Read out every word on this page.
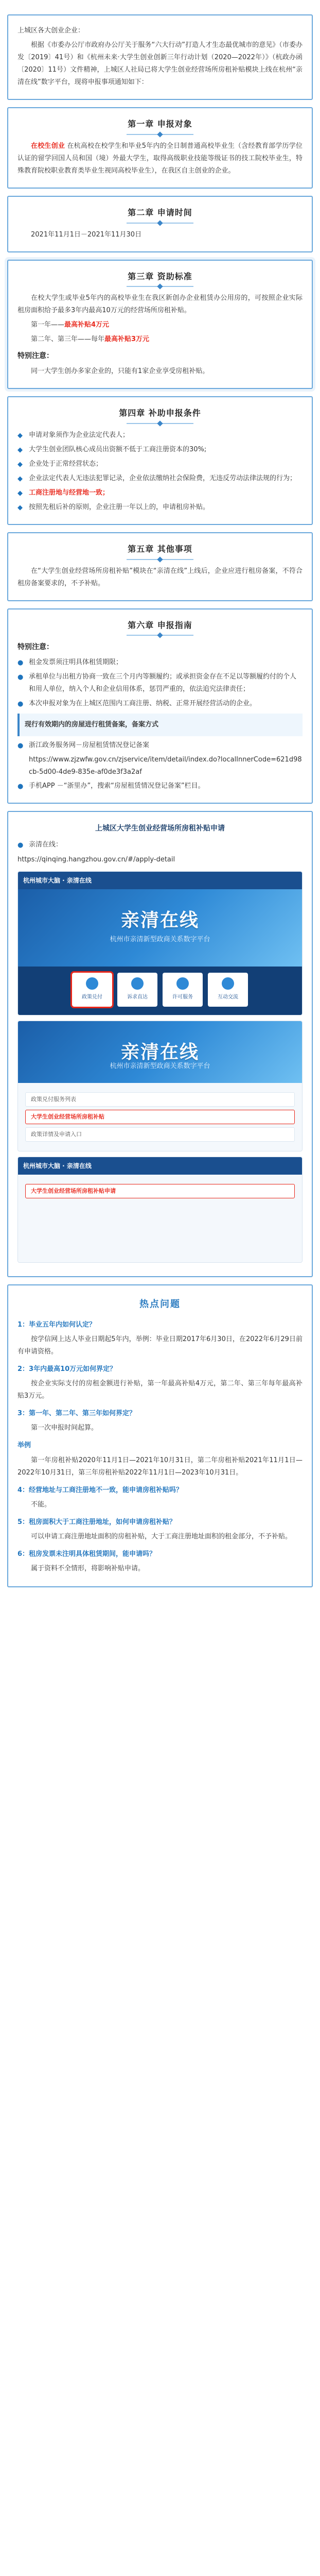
上城区各大创业企业：

根据《市委办公厅市政府办公厅关于服务“六大行动”打造人才生态最优城市的意见》（市委办发〔2019〕41号）和《杭州未来·大学生创业创新三年行动计划（2020—2022年）》（杭政办函〔2020〕11号）文件精神，上城区人社局已将大学生创业经营场所房租补贴模块上线在杭州“亲清在线”数字平台，现将申报事项通知如下：

第一章 申报对象

在校生创业 在杭高校在校学生和毕业5年内的全日制普通高校毕业生（含经教育部学历学位认证的留学回国人员和国（境）外最大学生，取得高级职业技能等级证书的技工院校毕业生，特殊教育院校职业教育类毕业生视同高校毕业生），在我区自主创业的企业。

第二章 申请时间

2021年11月1日－2021年11月30日

第三章 资助标准

在校大学生或毕业5年内的高校毕业生在我区新创办企业租赁办公用房的，可按照企业实际租房面积给予最多3年内最高10万元的经营场所房租补贴。

第一年——最高补贴4万元

第二年、第三年——每年最高补贴3万元

特别注意：

同一大学生创办多家企业的，只能有1家企业享受房租补贴。

第四章 补助申报条件
◆ 申请对象须作为企业法定代表人；
◆ 大学生创业团队核心成员出资额不低于工商注册资本的30%;
◆ 企业处于正常经营状态；
◆ 企业法定代表人无违法犯罪记录，企业依法缴纳社会保险费，无违反劳动法律法规的行为；
◆ 工商注册地与经营地一致；
◆ 按照先租后补的原则，企业注册一年以上的，申请租房补贴。
第五章 其他事项

在“大学生创业经营场所房租补贴”模块在“亲清在线”上线后，企业应进行租房备案，不符合租房备案要求的，不予补贴。

第六章 申报指南

特别注意：

● 租金发票须注明具体租赁期限；
● 承租单位与出租方协商一致在三个月内等额履约；或承担资金存在不足以等额履约付的个人和用人单位，纳入个人和企业信用体系，惩罚严重的，依法追究法律责任；
● 本次申报对象为在上城区范围内工商注册、纳税、正常开展经营活动的企业。

现行有效期内的房屋进行租赁备案，备案方式

● 浙江政务服务网－房屋租赁情况登记备案
https://www.zjzwfw.gov.cn/zjservice/item/detail/index.do?localInnerCode=621d98cb-5d00-4de9-835e-af0de3f3a2af
● 手机APP －“浙里办”，搜索“房屋租赁情况登记备案”栏目。

上城区大学生创业经营场所房租补贴申请

● 亲清在线：

https://qinqing.hangzhou.gov.cn/#/apply-detail

杭州城市大脑 · 亲清在线
亲清在线
杭州市亲清新型政商关系数字平台
政策兑付	诉求直达	许可服务	互动交流
亲清在线
杭州市亲清新型政商关系数字平台
政策兑付服务列表
大学生创业经营场所房租补贴
政策详情及申请入口
杭州城市大脑 · 亲清在线
大学生创业经营场所房租补贴申请
热点问题

1：毕业五年内如何认定？

按学信网上达人毕业日期起5年内，举例：毕业日期2017年6月30日，在2022年6月29日前有申请资格。

2：3年内最高10万元如何界定？

按企业实际支付的房租金额进行补贴，第一年最高补贴4万元，第二年、第三年每年最高补贴3万元。

3：第一年、第二年、第三年如何界定？

第一次申报时间起算。

举例

第一年房租补贴2020年11月1日—2021年10月31日，第二年房租补贴2021年11月1日—2022年10月31日，第三年房租补贴2022年11月1日—2023年10月31日。

4：经营地址与工商注册地不一致，能申请房租补贴吗？

不能。

5：租房面积大于工商注册地址，如何申请房租补贴？

可以申请工商注册地址面积的房租补贴，大于工商注册地址面积的租金部分，不予补贴。

6：租房发票未注明具体租赁期间，能申请吗？

属于资料不全情形，将影响补贴申请。
